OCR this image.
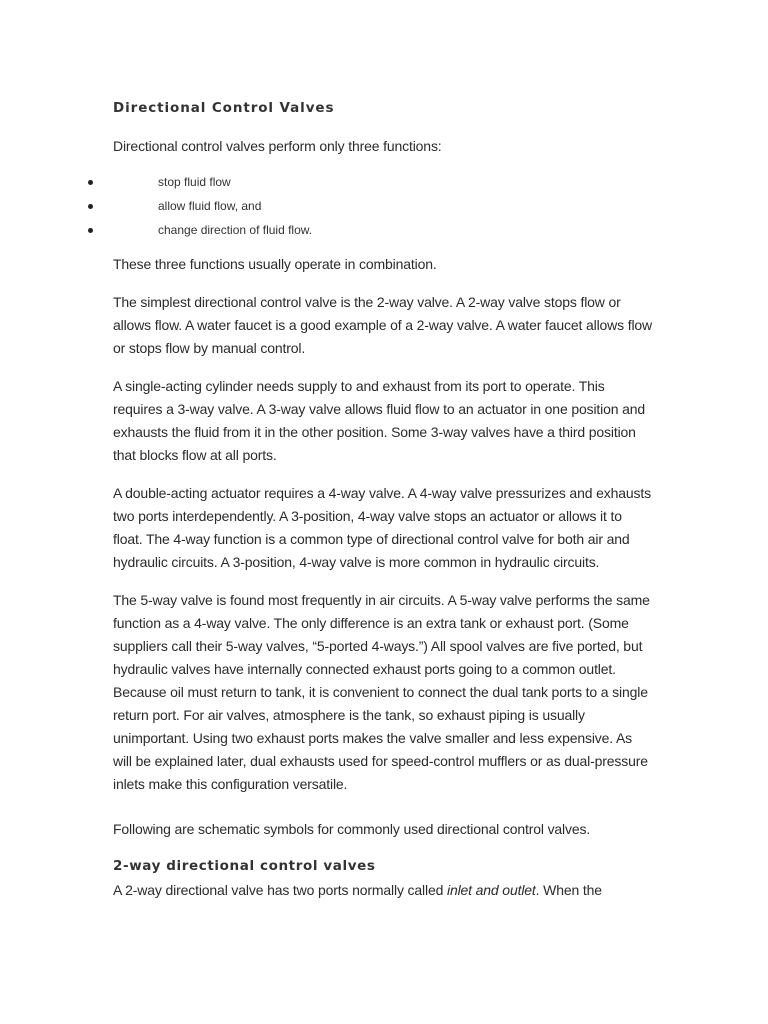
Directional Control Valves

Directional control valves perform only three functions:

stop fluid flow
allow fluid flow, and
change direction of fluid flow.

These three functions usually operate in combination.

The simplest directional control valve is the 2-way valve. A 2-way valve stops flow or allows flow. A water faucet is a good example of a 2-way valve. A water faucet allows flow or stops flow by manual control.

A single-acting cylinder needs supply to and exhaust from its port to operate. This requires a 3-way valve. A 3-way valve allows fluid flow to an actuator in one position and exhausts the fluid from it in the other position. Some 3-way valves have a third position that blocks flow at all ports.

A double-acting actuator requires a 4-way valve. A 4-way valve pressurizes and exhausts two ports interdependently. A 3-position, 4-way valve stops an actuator or allows it to float. The 4-way function is a common type of directional control valve for both air and hydraulic circuits. A 3-position, 4-way valve is more common in hydraulic circuits.

The 5-way valve is found most frequently in air circuits. A 5-way valve performs the same function as a 4-way valve. The only difference is an extra tank or exhaust port. (Some suppliers call their 5-way valves, “5-ported 4-ways.”) All spool valves are five ported, but hydraulic valves have internally connected exhaust ports going to a common outlet. Because oil must return to tank, it is convenient to connect the dual tank ports to a single return port. For air valves, atmosphere is the tank, so exhaust piping is usually unimportant. Using two exhaust ports makes the valve smaller and less expensive. As will be explained later, dual exhausts used for speed-control mufflers or as dual-pressure inlets make this configuration versatile.

Following are schematic symbols for commonly used directional control valves.

2-way directional control valves

A 2-way directional valve has two ports normally called inlet and outlet. When the
